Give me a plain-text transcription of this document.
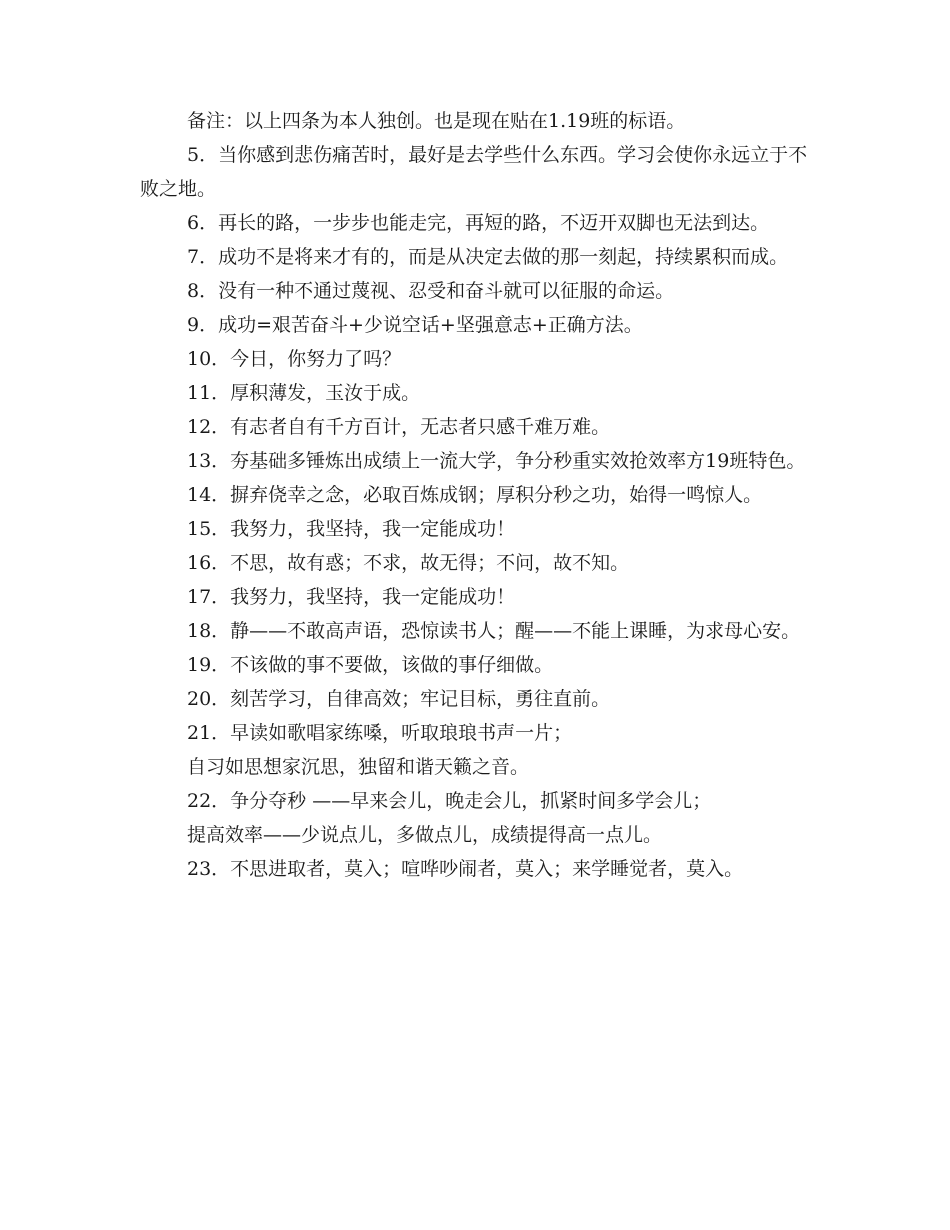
备注：以上四条为本人独创。也是现在贴在1.19班的标语。

5．当你感到悲伤痛苦时，最好是去学些什么东西。学习会使你永远立于不败之地。

6．再长的路，一步步也能走完，再短的路，不迈开双脚也无法到达。

7．成功不是将来才有的，而是从决定去做的那一刻起，持续累积而成。

8．没有一种不通过蔑视、忍受和奋斗就可以征服的命运。

9．成功=艰苦奋斗+少说空话+坚强意志+正确方法。

10．今日，你努力了吗？

11．厚积薄发，玉汝于成。

12．有志者自有千方百计，无志者只感千难万难。

13．夯基础多锤炼出成绩上一流大学，争分秒重实效抢效率方19班特色。

14．摒弃侥幸之念，必取百炼成钢；厚积分秒之功，始得一鸣惊人。

15．我努力，我坚持，我一定能成功！

16．不思，故有惑；不求，故无得；不问，故不知。

17．我努力，我坚持，我一定能成功！

18．静——不敢高声语，恐惊读书人；醒——不能上课睡，为求母心安。

19．不该做的事不要做，该做的事仔细做。

20．刻苦学习，自律高效；牢记目标，勇往直前。

21．早读如歌唱家练嗓，听取琅琅书声一片；

自习如思想家沉思，独留和谐天籁之音。

22．争分夺秒 ——早来会儿，晚走会儿，抓紧时间多学会儿；

提高效率——少说点儿，多做点儿，成绩提得高一点儿。

23．不思进取者，莫入；喧哗吵闹者，莫入；来学睡觉者，莫入。
